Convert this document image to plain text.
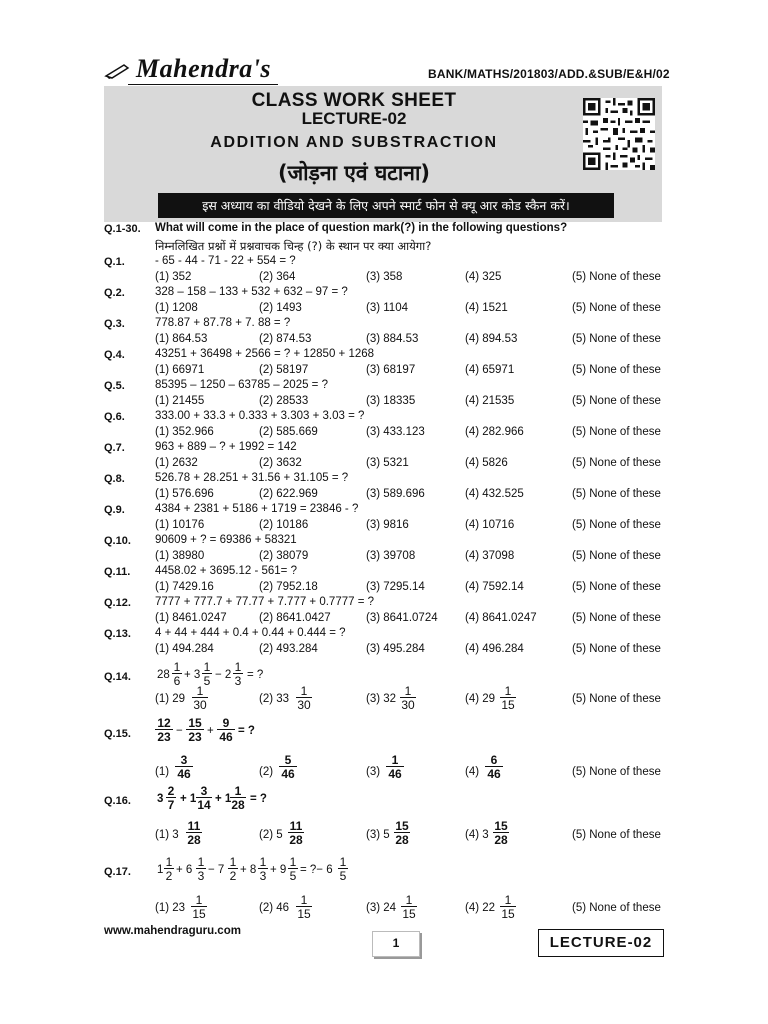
Mahendra's	BANK/MATHS/201803/ADD.&SUB/E&H/02
CLASS WORK SHEET
LECTURE-02
ADDITION AND SUBSTRACTION
(जोड़ना एवं घटाना)
इस अध्याय का वीडियो देखने के लिए अपने स्मार्ट फोन से क्यू आर कोड स्कैन करें।
Q.1-30. What will come in the place of question mark(?) in the following questions?
निम्नलिखित प्रश्नों में प्रश्नवाचक चिन्ह (?) के स्थान पर क्या आयेगा?
Q.1.	- 65 - 44 - 71 - 22 + 554 = ?
(1) 352	(2) 364	(3) 358	(4) 325	(5) None of these
Q.2.	328 – 158 – 133 + 532 + 632 – 97 = ?
(1) 1208	(2) 1493	(3) 1104	(4) 1521	(5) None of these
Q.3.	778.87 + 87.78 + 7. 88 = ?
(1) 864.53	(2) 874.53	(3) 884.53	(4) 894.53	(5) None of these
Q.4.	43251 + 36498 + 2566 = ? + 12850 + 1268
(1) 66971	(2) 58197	(3) 68197	(4) 65971	(5) None of these
Q.5.	85395 – 1250 – 63785 – 2025 = ?
(1) 21455	(2) 28533	(3) 18335	(4) 21535	(5) None of these
Q.6.	333.00 + 33.3 + 0.333 + 3.303 + 3.03 = ?
(1) 352.966	(2) 585.669	(3) 433.123	(4) 282.966	(5) None of these
Q.7.	963 + 889 – ? + 1992 = 142
(1) 2632	(2) 3632	(3) 5321	(4) 5826	(5) None of these
Q.8.	526.78 + 28.251 + 31.56 + 31.105 = ?
(1) 576.696	(2) 622.969	(3) 589.696	(4) 432.525	(5) None of these
Q.9.	4384 + 2381 + 5186 + 1719 = 23846 - ?
(1) 10176	(2) 10186	(3) 9816	(4) 10716	(5) None of these
Q.10. 90609 + ? = 69386 + 58321
(1) 38980	(2) 38079	(3) 39708	(4) 37098	(5) None of these
Q.11. 4458.02 + 3695.12 - 561= ?
(1) 7429.16	(2) 7952.18	(3) 7295.14	(4) 7592.14	(5) None of these
Q.12. 7777 + 777.7 + 77.77 + 7.777 + 0.7777 = ?
(1) 8461.0247	(2) 8641.0427	(3) 8641.0724 (4) 8641.0247	(5) None of these
Q.13. 4 + 44 + 444 + 0.4 + 0.44 + 0.444 = ?
(1) 494.284	(2) 493.284	(3) 495.284	(4) 496.284	(5) None of these
Q.14. $28 \frac{1}{6} + 3 \frac{1}{5} - 2 \frac{1}{3}$ = ?
(1) $29 \frac{1}{30}$	(2) $33 \frac{1}{30}$	(3) $32 \frac{1}{30}$	(4) $29 \frac{1}{15}$	(5) None of these
Q.15. $\frac{12}{23} - \frac{15}{23} + \frac{9}{46}$ = ?
$(1) \frac{3}{46}$	$(2) \frac{5}{46}$	$(3) \frac{1}{46}$	$(4) \frac{6}{46}$	(5) None of these
Q.16. $3 \frac{2}{7} + 1 \frac{3}{14} + 1$
$\frac{1}{28}$ = ?
(1) $3 \frac{11}{28}$	(2) $5 \frac{11}{28}$	(3) $5 \frac{15}{28}$	(4) $3 \frac{15}{28}$	(5) None of these
Q.17. $1 \frac{1}{2} + 6 \frac{1}{3} - 7 \frac{1}{2} + 8 \frac{1}{3} + 9 \frac{1}{5}$ = ?− $6 \frac{1}{5}$
(1) $23 \frac{1}{15}$	(2) $46 \frac{1}{15}$	(3) $24 \frac{1}{15}$	(4) $22 \frac{1}{15}$	(5) None of these
www.mahendraguru.com
1	LECTURE-02
